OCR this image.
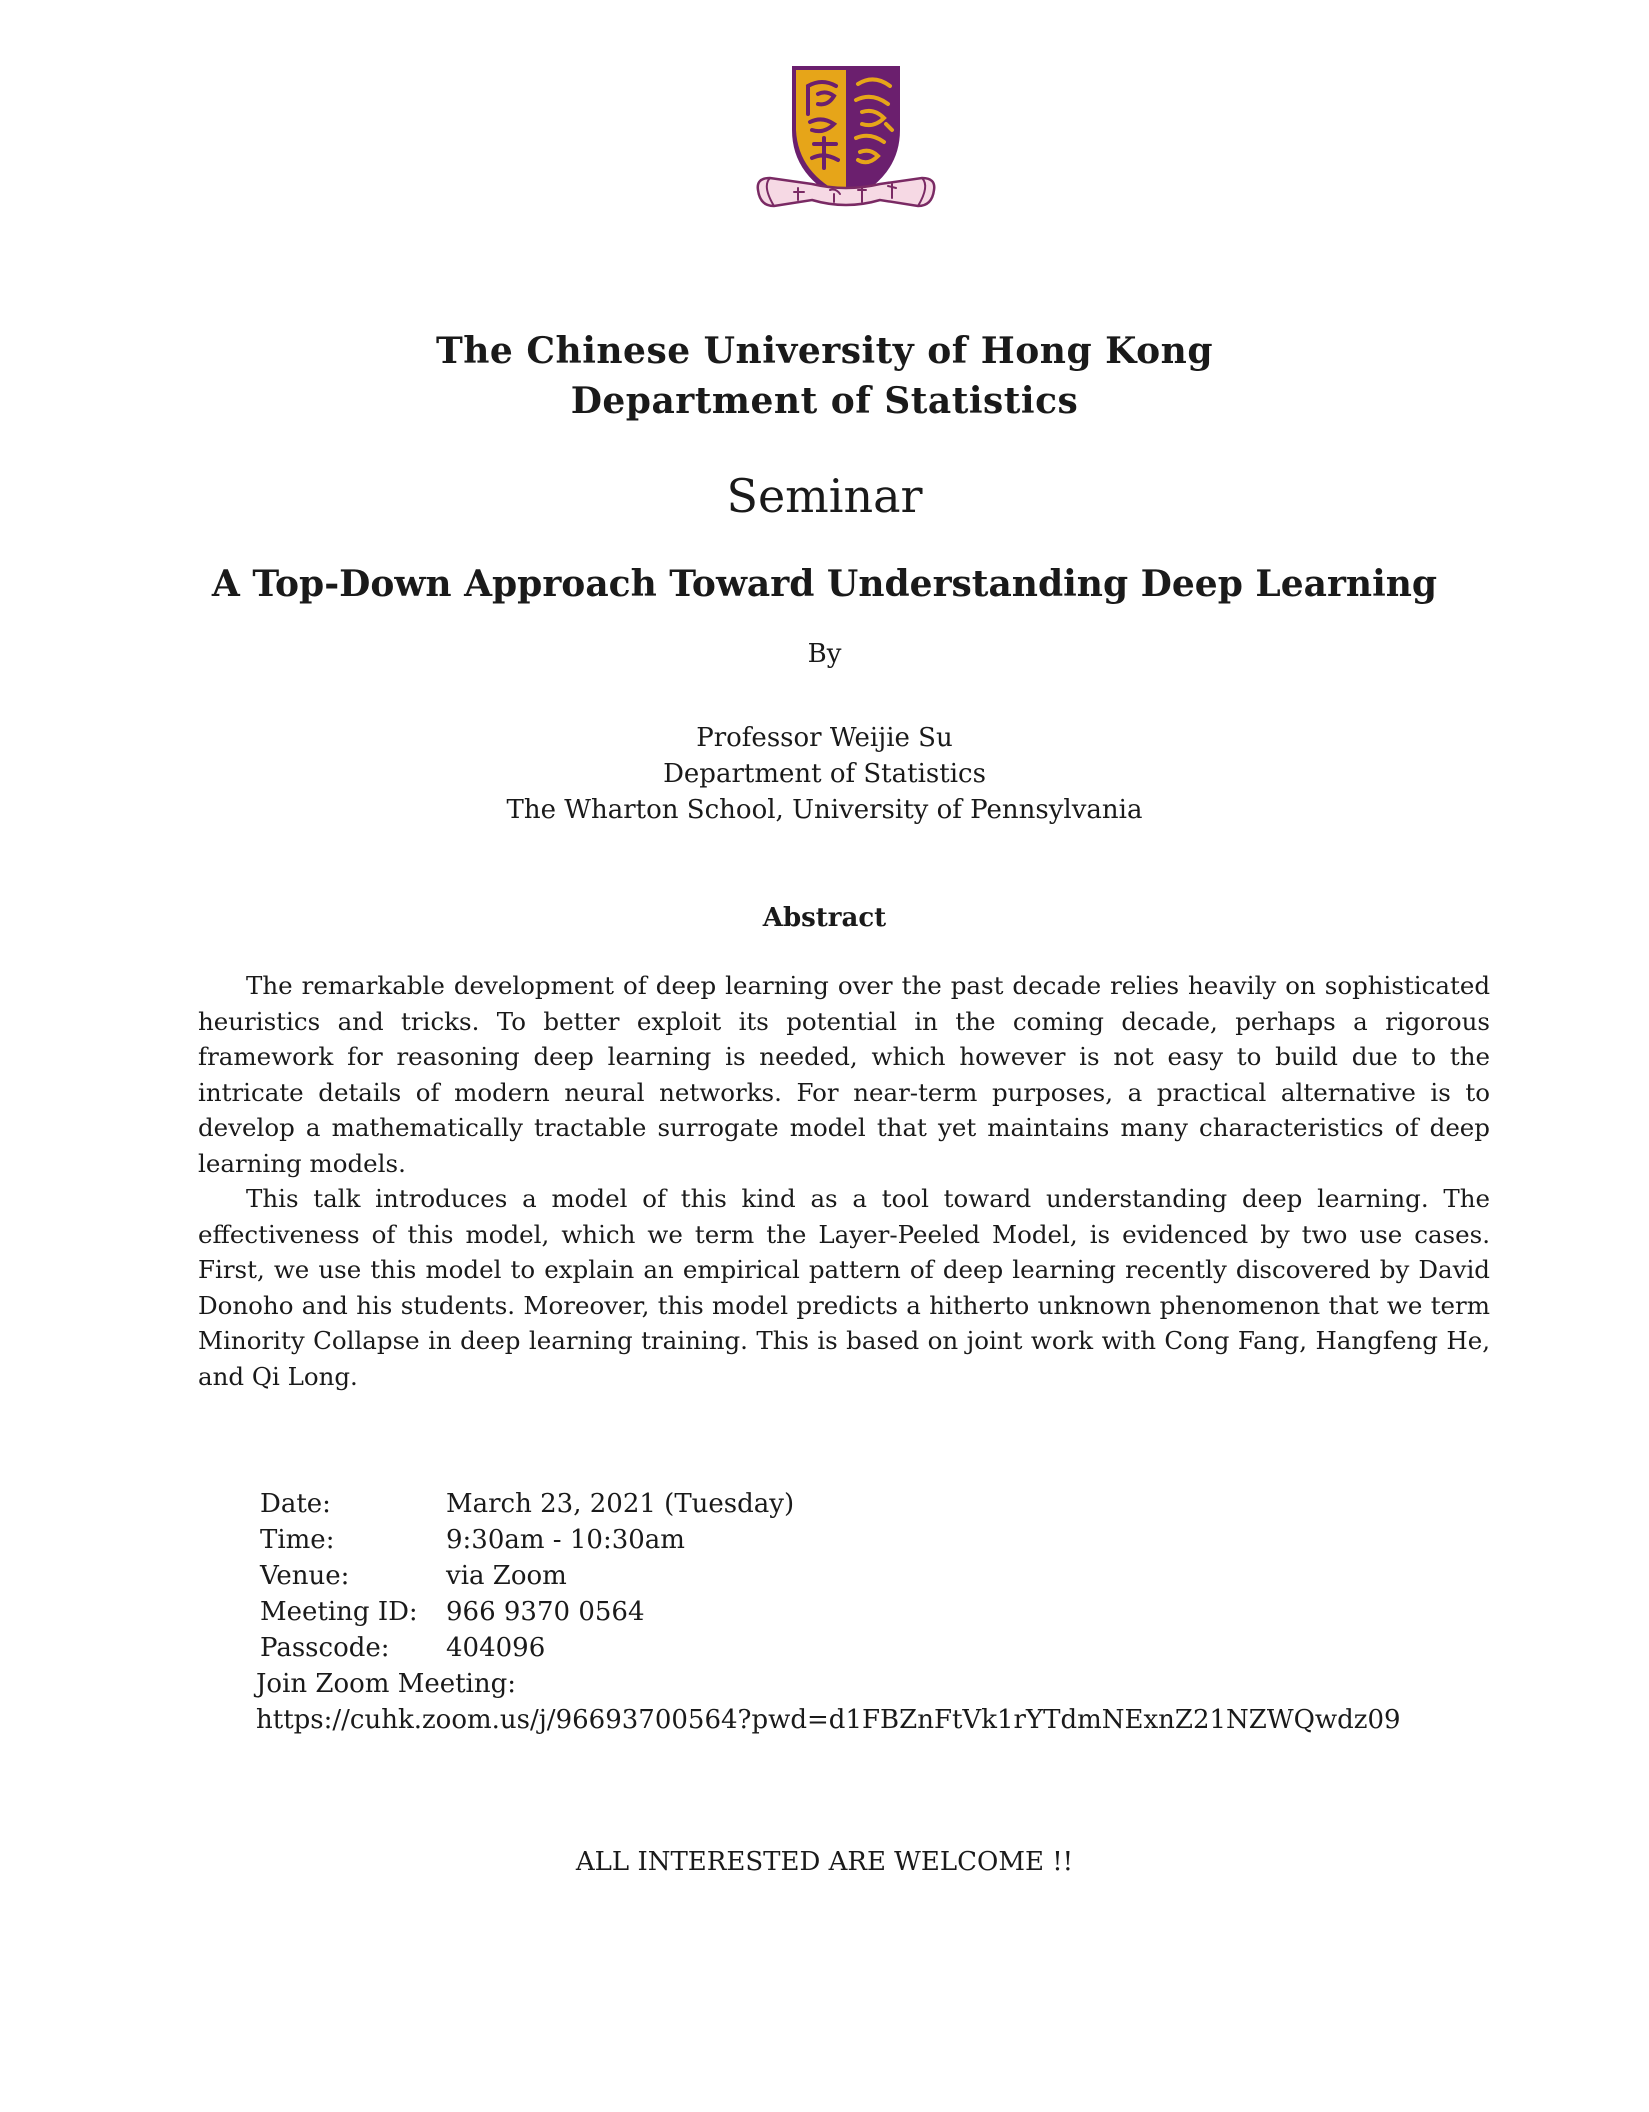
The Chinese University of Hong Kong
Department of Statistics
Seminar
A Top-Down Approach Toward Understanding Deep Learning
By
Professor Weijie Su
Department of Statistics
The Wharton School, University of Pennsylvania
Abstract

The remarkable development of deep learning over the past decade relies heavily on sophisticated heuristics and tricks. To better exploit its potential in the coming decade, perhaps a rigorous framework for reasoning deep learning is needed, which however is not easy to build due to the intricate details of modern neural networks. For near-term purposes, a practical alternative is to develop a mathematically tractable surrogate model that yet maintains many characteristics of deep learning models.

This talk introduces a model of this kind as a tool toward understanding deep learning. The effectiveness of this model, which we term the Layer-Peeled Model, is evidenced by two use cases. First, we use this model to explain an empirical pattern of deep learning recently discovered by David Donoho and his students. Moreover, this model predicts a hitherto unknown phenomenon that we term Minority Collapse in deep learning training. This is based on joint work with Cong Fang, Hangfeng He, and Qi Long.

Date:	March 23, 2021 (Tuesday)
Time:	9:30am - 10:30am
Venue:	via Zoom
Meeting ID:	966 9370 0564
Passcode:	404096
Join Zoom Meeting:
https://cuhk.zoom.us/j/96693700564?pwd=d1FBZnFtVk1rYTdmNExnZ21NZWQwdz09
ALL INTERESTED ARE WELCOME !!
